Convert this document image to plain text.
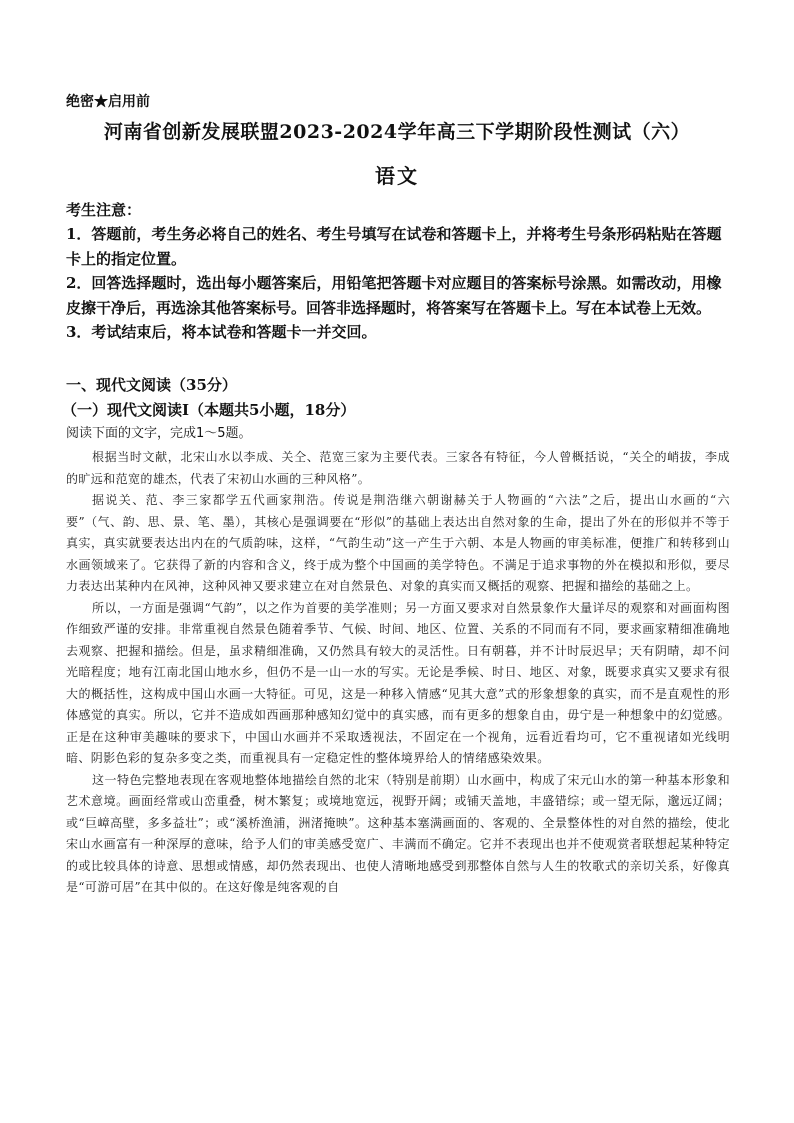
绝密★启用前
河南省创新发展联盟2023-2024学年高三下学期阶段性测试（六）
语文
考生注意：
1．答题前，考生务必将自己的姓名、考生号填写在试卷和答题卡上，并将考生号条形码粘贴在答题卡上的指定位置。
2．回答选择题时，选出每小题答案后，用铅笔把答题卡对应题目的答案标号涂黑。如需改动，用橡皮擦干净后，再选涂其他答案标号。回答非选择题时，将答案写在答题卡上。写在本试卷上无效。
3．考试结束后，将本试卷和答题卡一并交回。
一、现代文阅读（35分）
（一）现代文阅读Ⅰ（本题共5小题，18分）
阅读下面的文字，完成1～5题。

根据当时文献，北宋山水以李成、关仝、范宽三家为主要代表。三家各有特征，今人曾概括说，“关仝的峭拔，李成的旷远和范宽的雄杰，代表了宋初山水画的三种风格”。

据说关、范、李三家都学五代画家荆浩。传说是荆浩继六朝谢赫关于人物画的“六法”之后，提出山水画的“六要”（气、韵、思、景、笔、墨），其核心是强调要在“形似”的基础上表达出自然对象的生命，提出了外在的形似并不等于真实，真实就要表达出内在的气质韵味，这样，“气韵生动”这一产生于六朝、本是人物画的审美标准，便推广和转移到山水画领域来了。它获得了新的内容和含义，终于成为整个中国画的美学特色。不满足于追求事物的外在模拟和形似，要尽力表达出某种内在风神，这种风神又要求建立在对自然景色、对象的真实而又概括的观察、把握和描绘的基础之上。

所以，一方面是强调“气韵”，以之作为首要的美学准则；另一方面又要求对自然景象作大量详尽的观察和对画面构图作细致严谨的安排。非常重视自然景色随着季节、气候、时间、地区、位置、关系的不同而有不同，要求画家精细准确地去观察、把握和描绘。但是，虽求精细准确，又仍然具有较大的灵活性。日有朝暮，并不计时辰迟早；天有阴晴，却不问光暗程度；地有江南北国山地水乡，但仍不是一山一水的写实。无论是季候、时日、地区、对象，既要求真实又要求有很大的概括性，这构成中国山水画一大特征。可见，这是一种移入情感“见其大意”式的形象想象的真实，而不是直观性的形体感觉的真实。所以，它并不造成如西画那种感知幻觉中的真实感，而有更多的想象自由，毋宁是一种想象中的幻觉感。正是在这种审美趣味的要求下，中国山水画并不采取透视法，不固定在一个视角，远看近看均可，它不重视诸如光线明暗、阴影色彩的复杂多变之类，而重视具有一定稳定性的整体境界给人的情绪感染效果。

这一特色完整地表现在客观地整体地描绘自然的北宋（特别是前期）山水画中，构成了宋元山水的第一种基本形象和艺术意境。画面经常或山峦重叠，树木繁复；或境地宽远，视野开阔；或铺天盖地，丰盛错综；或一望无际，邈远辽阔；或“巨嶂高壁，多多益壮”；或“溪桥渔浦，洲渚掩映”。这种基本塞满画面的、客观的、全景整体性的对自然的描绘，使北宋山水画富有一种深厚的意味，给予人们的审美感受宽广、丰满而不确定。它并不表现出也并不使观赏者联想起某种特定的或比较具体的诗意、思想或情感，却仍然表现出、也使人清晰地感受到那整体自然与人生的牧歌式的亲切关系，好像真是“可游可居”在其中似的。在这好像是纯客观的自
